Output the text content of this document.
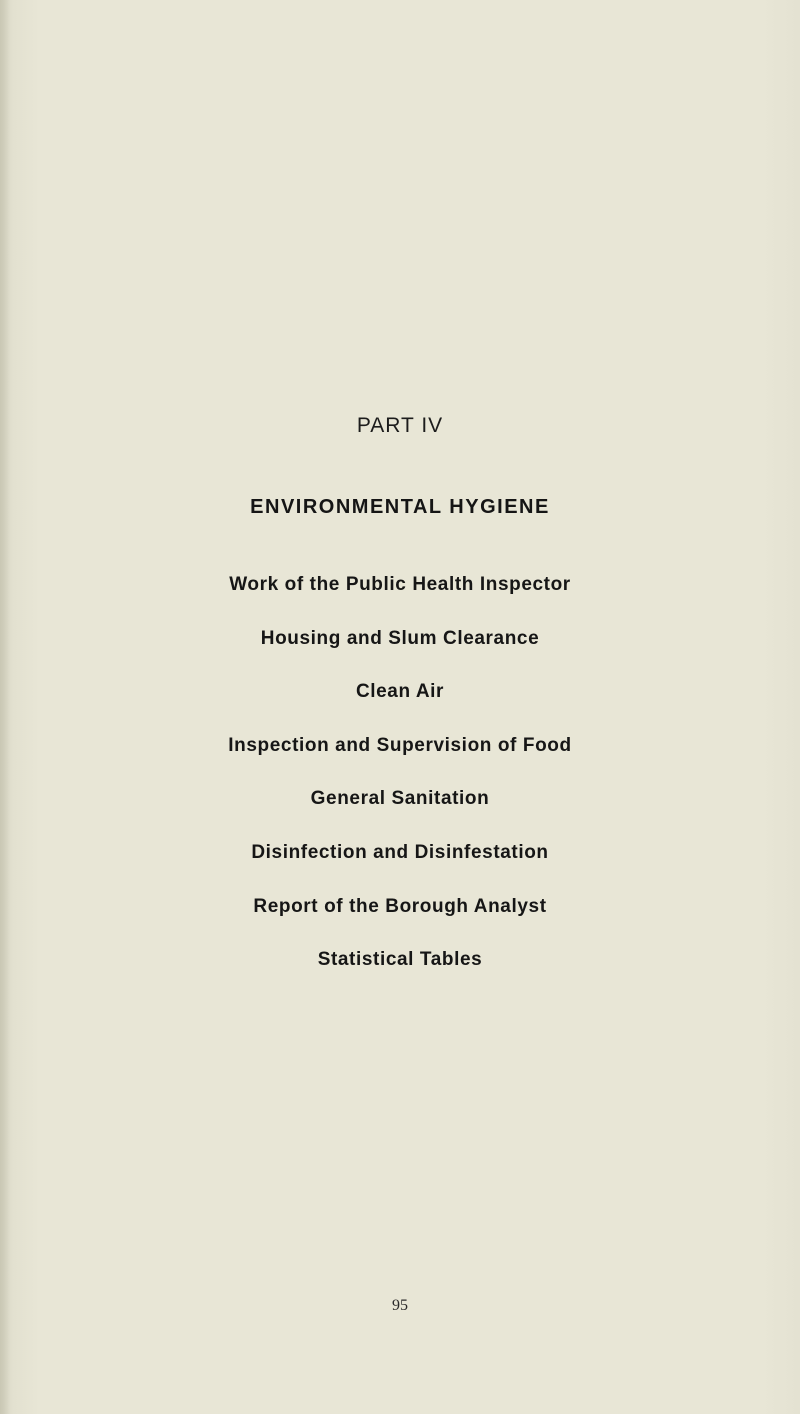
PART IV
ENVIRONMENTAL HYGIENE
Work of the Public Health Inspector
Housing and Slum Clearance
Clean Air
Inspection and Supervision of Food
General Sanitation
Disinfection and Disinfestation
Report of the Borough Analyst
Statistical Tables
95
